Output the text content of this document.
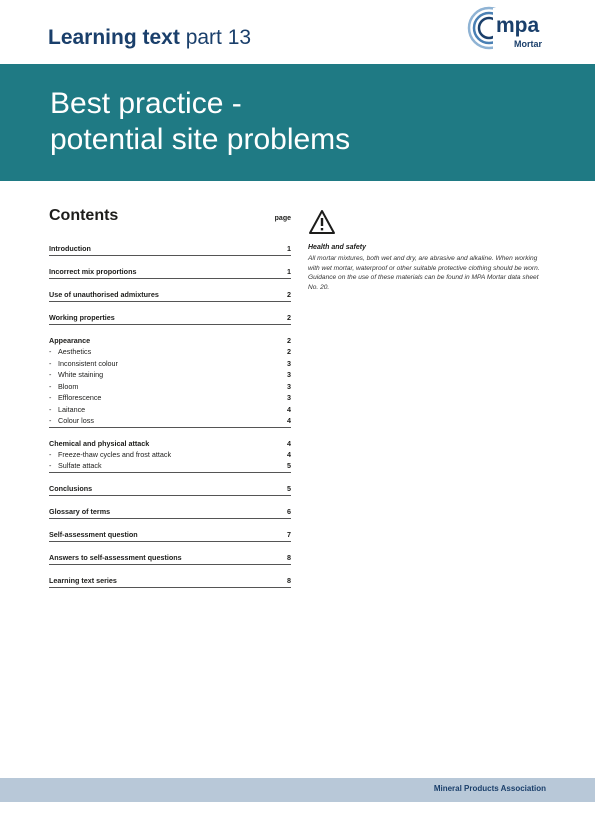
Learning text part 13
mpa
Mortar
Best practice -
potential site problems
Contents	page
Introduction	1
Incorrect mix proportions	1
Use of unauthorised admixtures	2
Working properties	2
Appearance	2
- Aesthetics	2
- Inconsistent colour	3
- White staining	3
- Bloom	3
- Efflorescence	3
- Laitance	4
- Colour loss	4
Chemical and physical attack	4
- Freeze-thaw cycles and frost attack	4
- Sulfate attack	5
Conclusions	5
Glossary of terms	6
Self-assessment question	7
Answers to self-assessment questions	8
Learning text series	8
Health and safety
All mortar mixtures, both wet and dry, are abrasive and alkaline. When working with wet mortar, waterproof or other suitable protective clothing should be worn. Guidance on the use of these materials can be found in MPA Mortar data sheet No. 20.
Mineral Products Association
